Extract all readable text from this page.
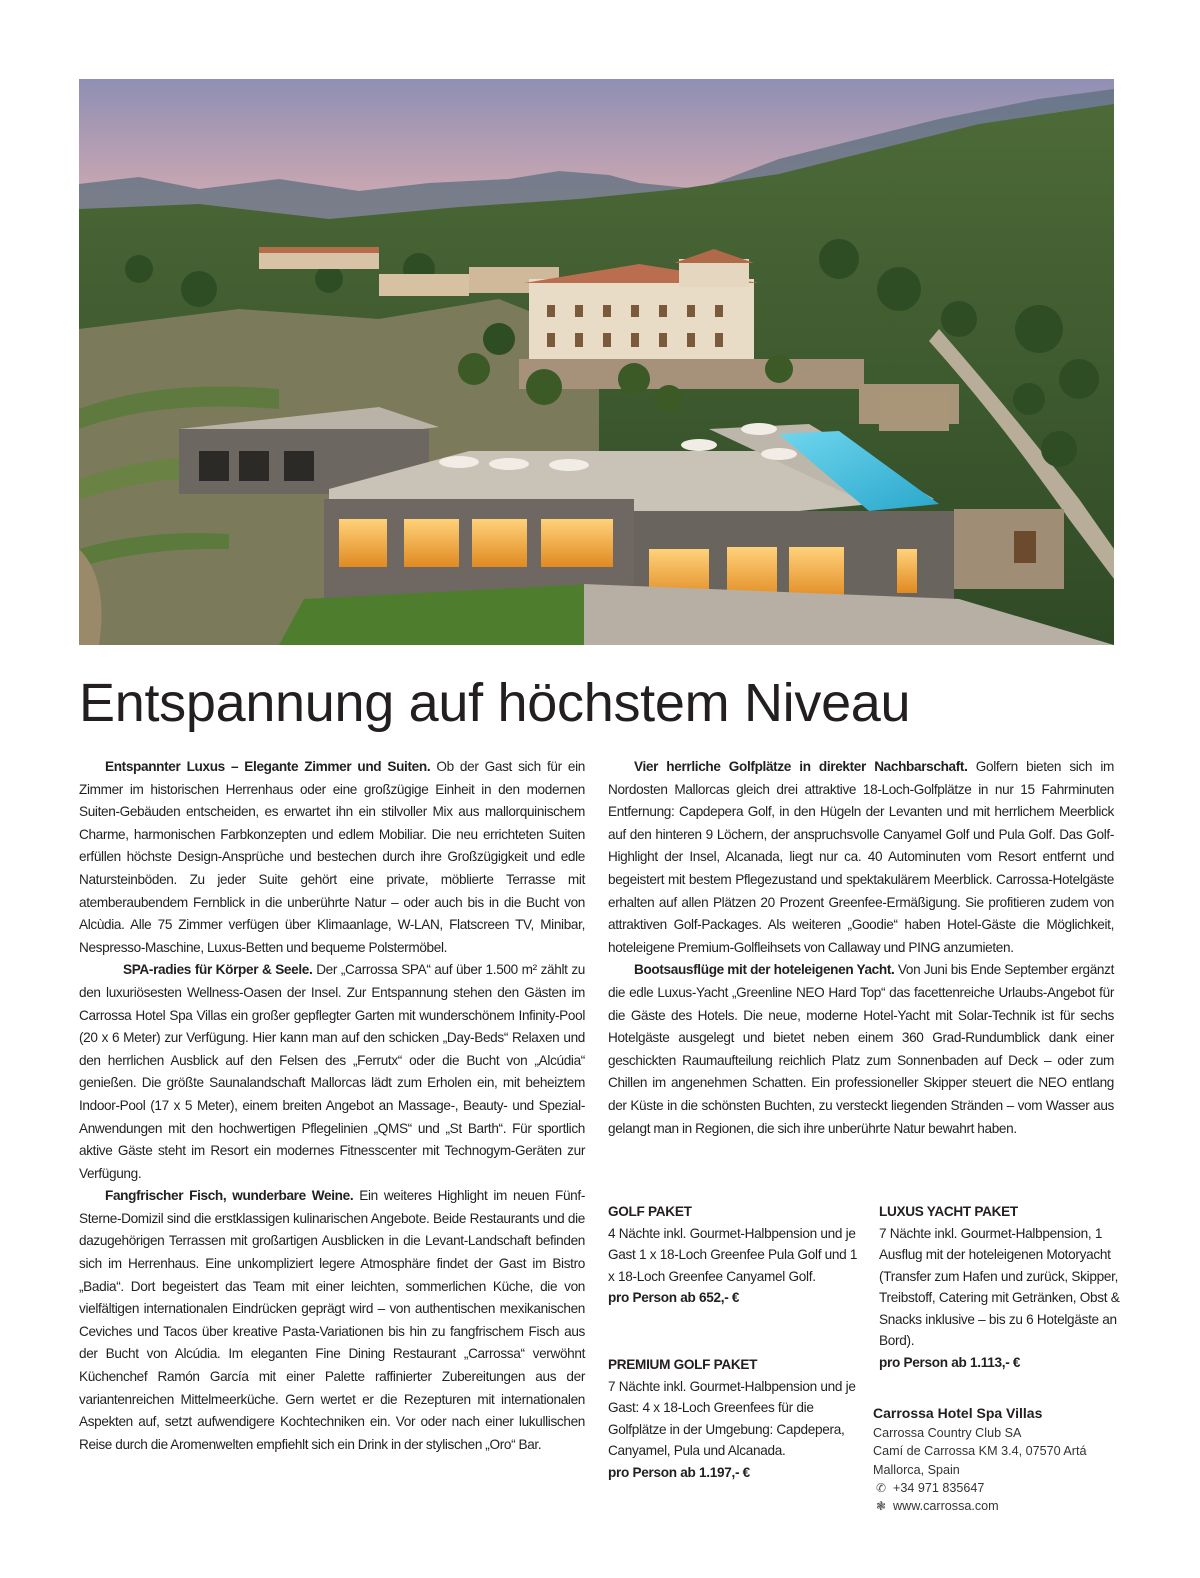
Entspannung auf höchstem Niveau

Entspannter Luxus – Elegante Zimmer und Suiten. Ob der Gast sich für ein Zimmer im historischen Herrenhaus oder eine großzügige Einheit in den modernen Suiten-Gebäuden entscheiden, es erwartet ihn ein stilvoller Mix aus mallorquinischem Charme, harmonischen Farbkonzepten und edlem Mobiliar. Die neu errichteten Suiten erfüllen höchste Design-Ansprüche und bestechen durch ihre Großzügigkeit und edle Natursteinböden. Zu jeder Suite gehört eine private, möblierte Terrasse mit atemberaubendem Fernblick in die unberührte Natur – oder auch bis in die Bucht von Alcùdia. Alle 75 Zimmer verfügen über Klimaanlage, W-LAN, Flatscreen TV, Minibar, Nespresso-Maschine, Luxus-Betten und bequeme Polstermöbel.

SPA-radies für Körper & Seele. Der „Carrossa SPA“ auf über 1.500 m² zählt zu den luxuriösesten Wellness-Oasen der Insel. Zur Entspannung stehen den Gästen im Carrossa Hotel Spa Villas ein großer gepflegter Garten mit wunderschönem Infinity-Pool (20 x 6 Meter) zur Verfügung. Hier kann man auf den schicken „Day-Beds“ Relaxen und den herrlichen Ausblick auf den Felsen des „Ferrutx“ oder die Bucht von „Alcúdia“ genießen. Die größte Saunalandschaft Mallorcas lädt zum Erholen ein, mit beheiztem Indoor-Pool (17 x 5 Meter), einem breiten Angebot an Massage-, Beauty- und Spezial-Anwendungen mit den hochwertigen Pflegelinien „QMS“ und „St Barth“. Für sportlich aktive Gäste steht im Resort ein modernes Fitnesscenter mit Technogym-Geräten zur Verfügung.

Fangfrischer Fisch, wunderbare Weine. Ein weiteres Highlight im neuen Fünf-Sterne-Domizil sind die erstklassigen kulinarischen Angebote. Beide Restaurants und die dazugehörigen Terrassen mit großartigen Ausblicken in die Levant-Landschaft befinden sich im Herrenhaus. Eine unkompliziert legere Atmosphäre findet der Gast im Bistro „Badia“. Dort begeistert das Team mit einer leichten, sommerlichen Küche, die von vielfältigen internationalen Eindrücken geprägt wird – von authentischen mexikanischen Ceviches und Tacos über kreative Pasta-Variationen bis hin zu fangfrischem Fisch aus der Bucht von Alcúdia. Im eleganten Fine Dining Restaurant „Carrossa“ verwöhnt Küchenchef Ramón García mit einer Palette raffinierter Zubereitungen aus der variantenreichen Mittelmeerküche. Gern wertet er die Rezepturen mit internationalen Aspekten auf, setzt aufwendigere Kochtechniken ein. Vor oder nach einer lukullischen Reise durch die Aromenwelten empfiehlt sich ein Drink in der stylischen „Oro“ Bar.

Vier herrliche Golfplätze in direkter Nachbarschaft. Golfern bieten sich im Nordosten Mallorcas gleich drei attraktive 18-Loch-Golfplätze in nur 15 Fahrminuten Entfernung: Capdepera Golf, in den Hügeln der Levanten und mit herrlichem Meerblick auf den hinteren 9 Löchern, der anspruchsvolle Canyamel Golf und Pula Golf. Das Golf-Highlight der Insel, Alcanada, liegt nur ca. 40 Autominuten vom Resort entfernt und begeistert mit bestem Pflegezustand und spektakulärem Meerblick. Carrossa-Hotelgäste erhalten auf allen Plätzen 20 Prozent Greenfee-Ermäßigung. Sie profitieren zudem von attraktiven Golf-Packages. Als weiteren „Goodie“ haben Hotel-Gäste die Möglichkeit, hoteleigene Premium-Golfleihsets von Callaway und PING anzumieten.

Bootsausflüge mit der hoteleigenen Yacht. Von Juni bis Ende September ergänzt die edle Luxus-Yacht „Greenline NEO Hard Top“ das facettenreiche Urlaubs-Angebot für die Gäste des Hotels. Die neue, moderne Hotel-Yacht mit Solar-Technik ist für sechs Hotelgäste ausgelegt und bietet neben einem 360 Grad-Rundumblick dank einer geschickten Raumaufteilung reichlich Platz zum Sonnenbaden auf Deck – oder zum Chillen im angenehmen Schatten. Ein professioneller Skipper steuert die NEO entlang der Küste in die schönsten Buchten, zu versteckt liegenden Stränden – vom Wasser aus gelangt man in Regionen, die sich ihre unberührte Natur bewahrt haben.

GOLF PAKET
4 Nächte inkl. Gourmet-Halbpension und je Gast 1 x 18-Loch Greenfee Pula Golf und 1 x 18-Loch Greenfee Canyamel Golf.
pro Person ab 652,- €
PREMIUM GOLF PAKET
7 Nächte inkl. Gourmet-Halbpension und je Gast: 4 x 18-Loch Greenfees für die Golfplätze in der Umgebung: Capdepera, Canyamel, Pula und Alcanada.
pro Person ab 1.197,- €
LUXUS YACHT PAKET
7 Nächte inkl. Gourmet-Halbpension, 1 Ausflug mit der hoteleigenen Motoryacht (Transfer zum Hafen und zurück, Skipper, Treibstoff, Catering mit Getränken, Obst & Snacks inklusive – bis zu 6 Hotelgäste an Bord).
pro Person ab 1.113,- €
Carrossa Hotel Spa Villas
Carrossa Country Club SA
Camí de Carrossa KM 3.4, 07570 Artá
Mallorca, Spain
✆ +34 971 835647
❃ www.carrossa.com
